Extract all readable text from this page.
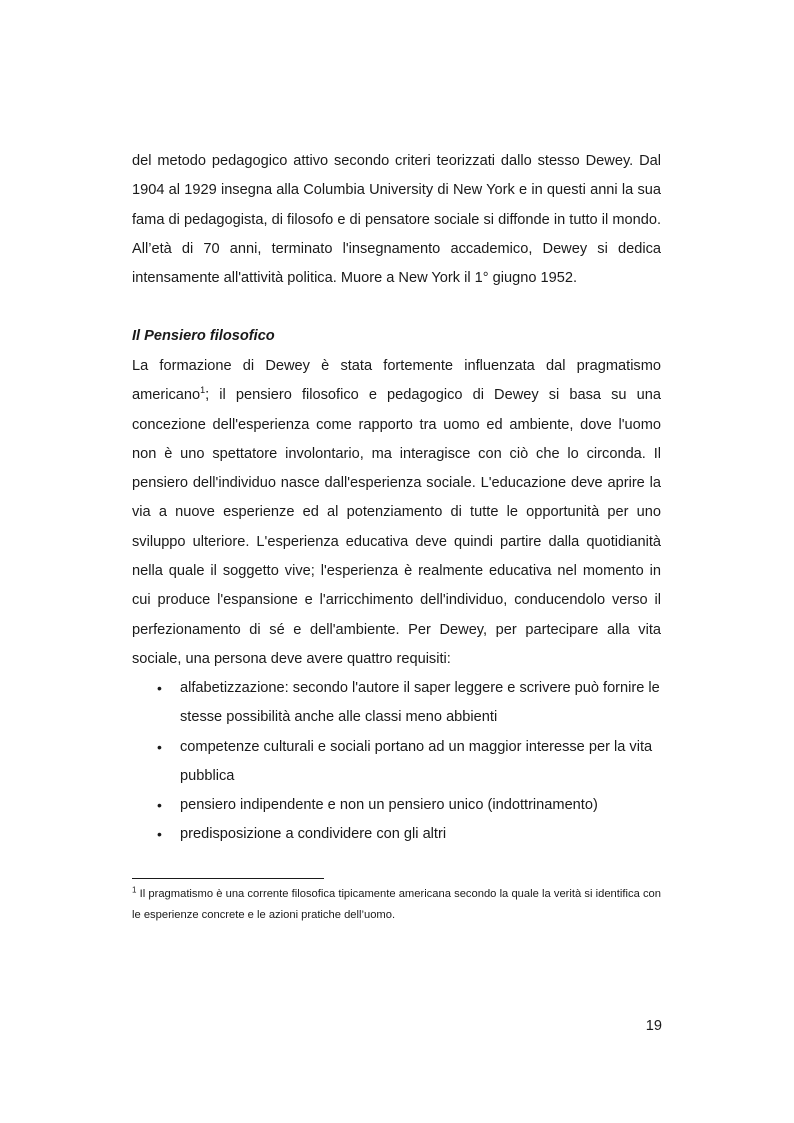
del metodo pedagogico attivo secondo criteri teorizzati dallo stesso Dewey. Dal 1904 al 1929 insegna alla Columbia University di New York e in questi anni la sua fama di pedagogista, di filosofo e di pensatore sociale si diffonde in tutto il mondo. All’età di 70 anni, terminato l'insegnamento accademico, Dewey si dedica intensamente all'attività politica. Muore a New York il 1° giugno 1952.

Il Pensiero filosofico

La formazione di Dewey è stata fortemente influenzata dal pragmatismo americano$^1$; il pensiero filosofico e pedagogico di Dewey si basa su una concezione dell'esperienza come rapporto tra uomo ed ambiente, dove l'uomo non è uno spettatore involontario, ma interagisce con ciò che lo circonda. Il pensiero dell'individuo nasce dall'esperienza sociale. L'educazione deve aprire la via a nuove esperienze ed al potenziamento di tutte le opportunità per uno sviluppo ulteriore. L'esperienza educativa deve quindi partire dalla quotidianità nella quale il soggetto vive; l'esperienza è realmente educativa nel momento in cui produce l'espansione e l'arricchimento dell'individuo, conducendolo verso il perfezionamento di sé e dell'ambiente. Per Dewey, per partecipare alla vita sociale, una persona deve avere quattro requisiti:

• alfabetizzazione: secondo l'autore il saper leggere e scrivere può fornire le stesse possibilità anche alle classi meno abbienti
• competenze culturali e sociali portano ad un maggior interesse per la vita pubblica
• pensiero indipendente e non un pensiero unico (indottrinamento)
• predisposizione a condividere con gli altri
$^1$ Il pragmatismo è una corrente filosofica tipicamente americana secondo la quale la verità si identifica con le esperienze concrete e le azioni pratiche dell’uomo.
19
